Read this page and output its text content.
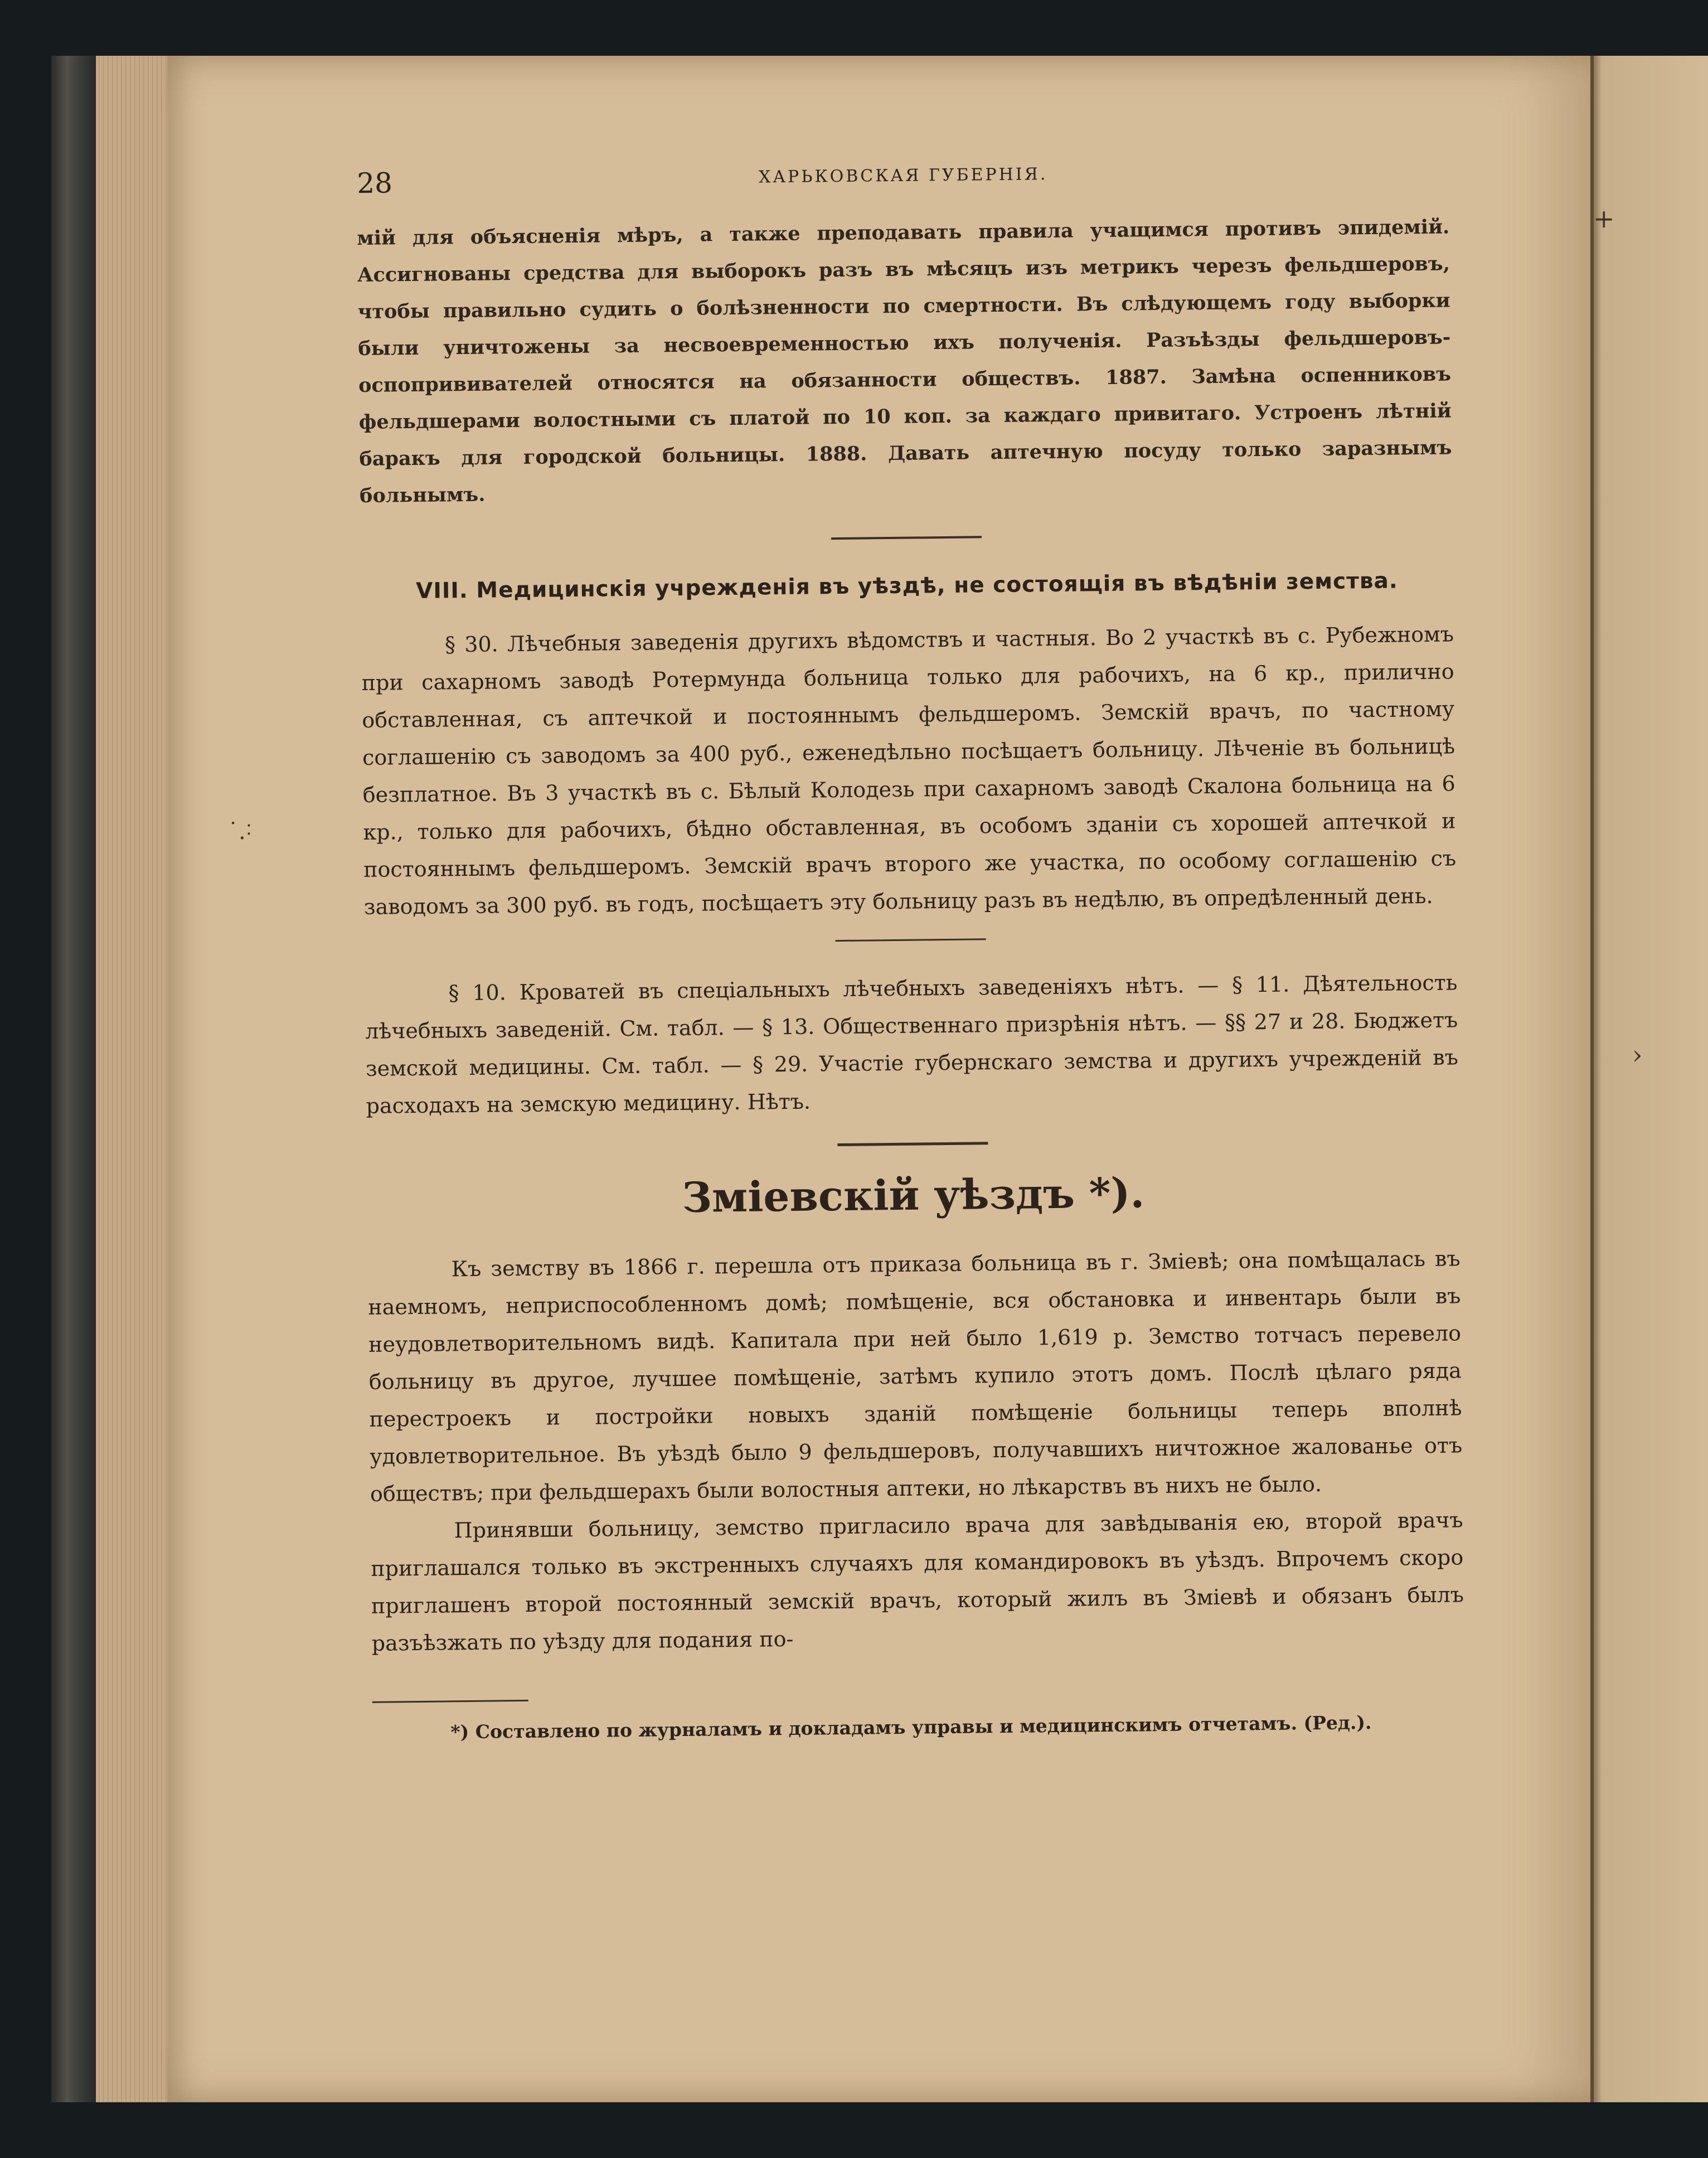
˙.˸
+
›
28	ХАРЬКОВСКАЯ ГУБЕРНІЯ.

мій для объясненія мѣръ, а также преподавать правила учащимся противъ эпидемій. Ассигнованы средства для выборокъ разъ въ мѣсяцъ изъ метрикъ черезъ фельдшеровъ, чтобы правильно судить о болѣзненности по смертности. Въ слѣдующемъ году выборки были уничтожены за несвоевременностью ихъ полученія. Разъѣзды фельдшеровъ-оспопрививателей относятся на обязанности обществъ. 1887. Замѣна оспенниковъ фельдшерами волостными съ платой по 10 коп. за каждаго привитаго. Устроенъ лѣтній баракъ для городской больницы. 1888. Давать аптечную посуду только заразнымъ больнымъ.

VIII. Медицинскія учрежденія въ уѣздѣ, не состоящія въ вѣдѣніи земства.

§ 30. Лѣчебныя заведенія другихъ вѣдомствъ и частныя. Во 2 участкѣ въ с. Рубежномъ при сахарномъ заводѣ Ротермунда больница только для рабочихъ, на 6 кр., прилично обставленная, съ аптечкой и постояннымъ фельдшеромъ. Земскій врачъ, по частному соглашенію съ заводомъ за 400 руб., еженедѣльно посѣщаетъ больницу. Лѣченіе въ больницѣ безплатное. Въ 3 участкѣ въ с. Бѣлый Колодезь при сахарномъ заводѣ Скалона больница на 6 кр., только для рабочихъ, бѣдно обставленная, въ особомъ зданіи съ хорошей аптечкой и постояннымъ фельдшеромъ. Земскій врачъ второго же участка, по особому соглашенію съ заводомъ за 300 руб. въ годъ, посѣщаетъ эту больницу разъ въ недѣлю, въ опредѣленный день.

§ 10. Кроватей въ спеціальныхъ лѣчебныхъ заведеніяхъ нѣтъ. — § 11. Дѣятельность лѣчебныхъ заведеній. См. табл. — § 13. Общественнаго призрѣнія нѣтъ. — §§ 27 и 28. Бюджетъ земской медицины. См. табл. — § 29. Участіе губернскаго земства и другихъ учрежденій въ расходахъ на земскую медицину. Нѣтъ.

Зміевскій уѣздъ *).

Къ земству въ 1866 г. перешла отъ приказа больница въ г. Зміевѣ; она помѣщалась въ наемномъ, неприспособленномъ домѣ; помѣщеніе, вся обстановка и инвентарь были въ неудовлетворительномъ видѣ. Капитала при ней было 1,619 р. Земство тотчасъ перевело больницу въ другое, лучшее помѣщеніе, затѣмъ купило этотъ домъ. Послѣ цѣлаго ряда перестроекъ и постройки новыхъ зданій помѣщеніе больницы теперь вполнѣ удовлетворительное. Въ уѣздѣ было 9 фельдшеровъ, получавшихъ ничтожное жалованье отъ обществъ; при фельдшерахъ были волостныя аптеки, но лѣкарствъ въ нихъ не было.

Принявши больницу, земство пригласило врача для завѣдыванія ею, второй врачъ приглашался только въ экстренныхъ случаяхъ для командировокъ въ уѣздъ. Впрочемъ скоро приглашенъ второй постоянный земскій врачъ, который жилъ въ Зміевѣ и обязанъ былъ разъѣзжать по уѣзду для подания по-

*) Составлено по журналамъ и докладамъ управы и медицинскимъ отчетамъ. (Ред.).
